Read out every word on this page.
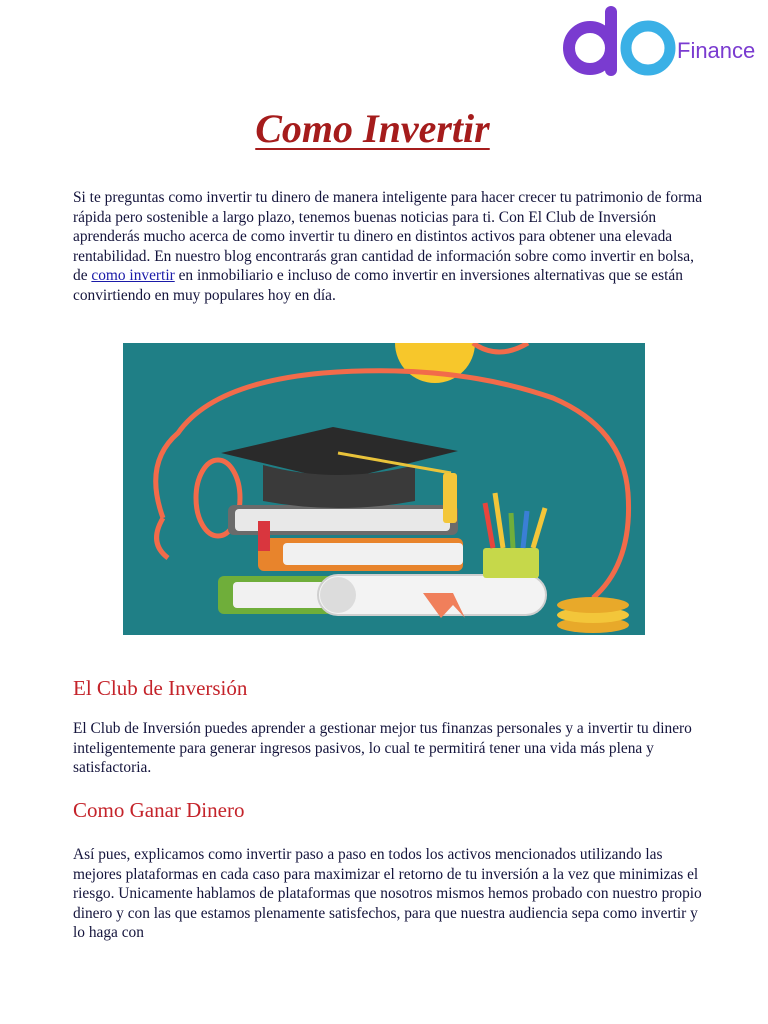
Finance
Como Invertir
Si te preguntas como invertir tu dinero de manera inteligente para hacer crecer tu patrimonio de forma rápida pero sostenible a largo plazo, tenemos buenas noticias para ti. Con El Club de Inversión aprenderás mucho acerca de como invertir tu dinero en distintos activos para obtener una elevada rentabilidad. En nuestro blog encontrarás gran cantidad de información sobre como invertir en bolsa, de como invertir en inmobiliario e incluso de como invertir en inversiones alternativas que se están convirtiendo en muy populares hoy en día.
El Club de Inversión
El Club de Inversión puedes aprender a gestionar mejor tus finanzas personales y a invertir tu dinero inteligentemente para generar ingresos pasivos, lo cual te permitirá tener una vida más plena y satisfactoria.
Como Ganar Dinero
Así pues, explicamos como invertir paso a paso en todos los activos mencionados utilizando las mejores plataformas en cada caso para maximizar el retorno de tu inversión a la vez que minimizas el riesgo. Unicamente hablamos de plataformas que nosotros mismos hemos probado con nuestro propio dinero y con las que estamos plenamente satisfechos, para que nuestra audiencia sepa como invertir y lo haga con
